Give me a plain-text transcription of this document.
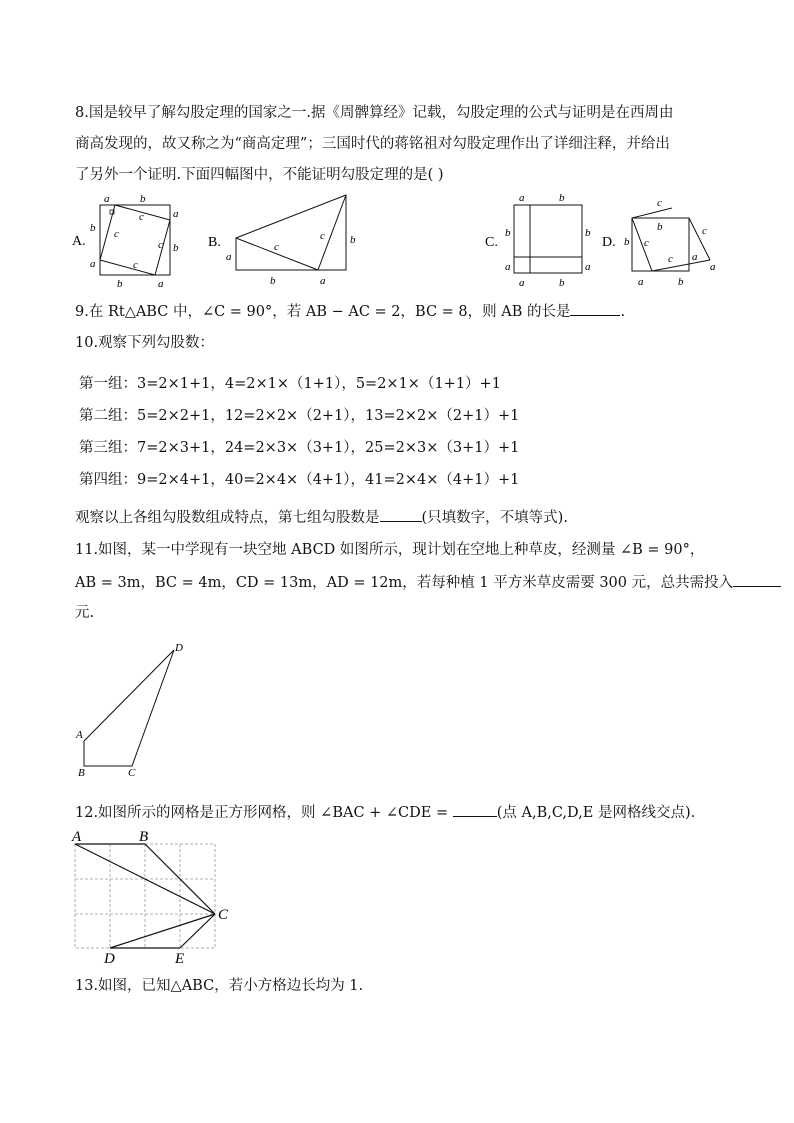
8.国是较早了解勾股定理的国家之一.据《周髀算经》记载，勾股定理的公式与证明是在西周由
商高发现的，故又称之为“商高定理”；三国时代的蒋铭祖对勾股定理作出了详细注释，并给出
了另外一个证明.下面四幅图中，不能证明勾股定理的是( )
A.
a	b
a
b
b
a
b	a
c
c
c
c
B.
a
b	a
b
c
c	C.
a	b
b	b
a	a
a	b
D.
c
c
c
c
b
b
a
a
a	b
9.在 Rt△ABC 中，∠C = 90°，若 AB − AC = 2，BC = 8，则 AB 的长是	.
10.观察下列勾股数：
第一组：3=2×1+1，4=2×1×（1+1），5=2×1×（1+1）+1
第二组：5=2×2+1，12=2×2×（2+1），13=2×2×（2+1）+1
第三组：7=2×3+1，24=2×3×（3+1），25=2×3×（3+1）+1
第四组：9=2×4+1，40=2×4×（4+1），41=2×4×（4+1）+1
观察以上各组勾股数组成特点，第七组勾股数是	(只填数字，不填等式).
11.如图，某一中学现有一块空地 ABCD 如图所示，现计划在空地上种草皮，经测量 ∠B = 90°，
AB = 3m，BC = 4m，CD = 13m，AD = 12m，若每种植 1 平方米草皮需要 300 元，总共需投入
元.
A
B	C
D
12.如图所示的网格是正方形网格，则 ∠BAC + ∠CDE =	(点 A,B,C,D,E 是网格线交点).
A	B
C
D	E
13.如图，已知△ABC，若小方格边长均为 1.
